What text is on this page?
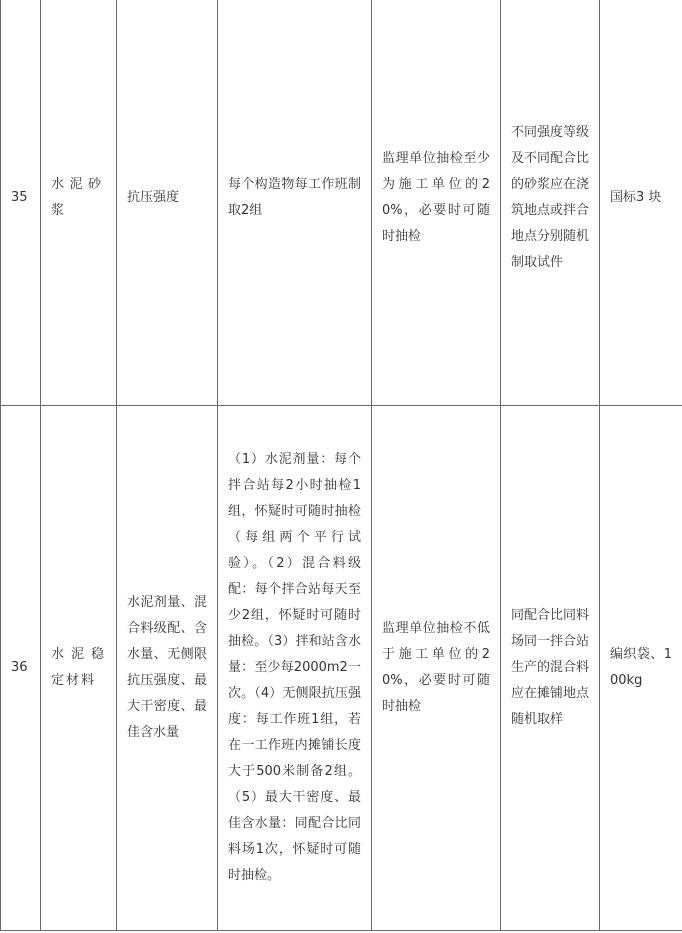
35	水泥砂浆	抗压强度	每个构造物每工作班制取2组	监理单位抽检至少为施工单位的20%，必要时可随时抽检	不同强度等级及不同配合比的砂浆应在浇筑地点或拌合地点分别随机制取试件	国标3 块
36	水泥稳定材料	水泥剂量、混合料级配、含水量、无侧限抗压强度、最大干密度、最佳含水量	（1）水泥剂量：每个拌合站每2小时抽检1组，怀疑时可随时抽检（每组两个平行试验）。（2）混合料级配：每个拌合站每天至少2组，怀疑时可随时抽检。（3）拌和站含水量：至少每2000m2一次。（4）无侧限抗压强度：每工作班1组，若在一工作班内摊铺长度大于500米制备2组。（5）最大干密度、最佳含水量：同配合比同料场1次，怀疑时可随时抽检。	监理单位抽检不低于施工单位的20%，必要时可随时抽检	同配合比同料场同一拌合站生产的混合料应在摊铺地点随机取样	编织袋、100kg
